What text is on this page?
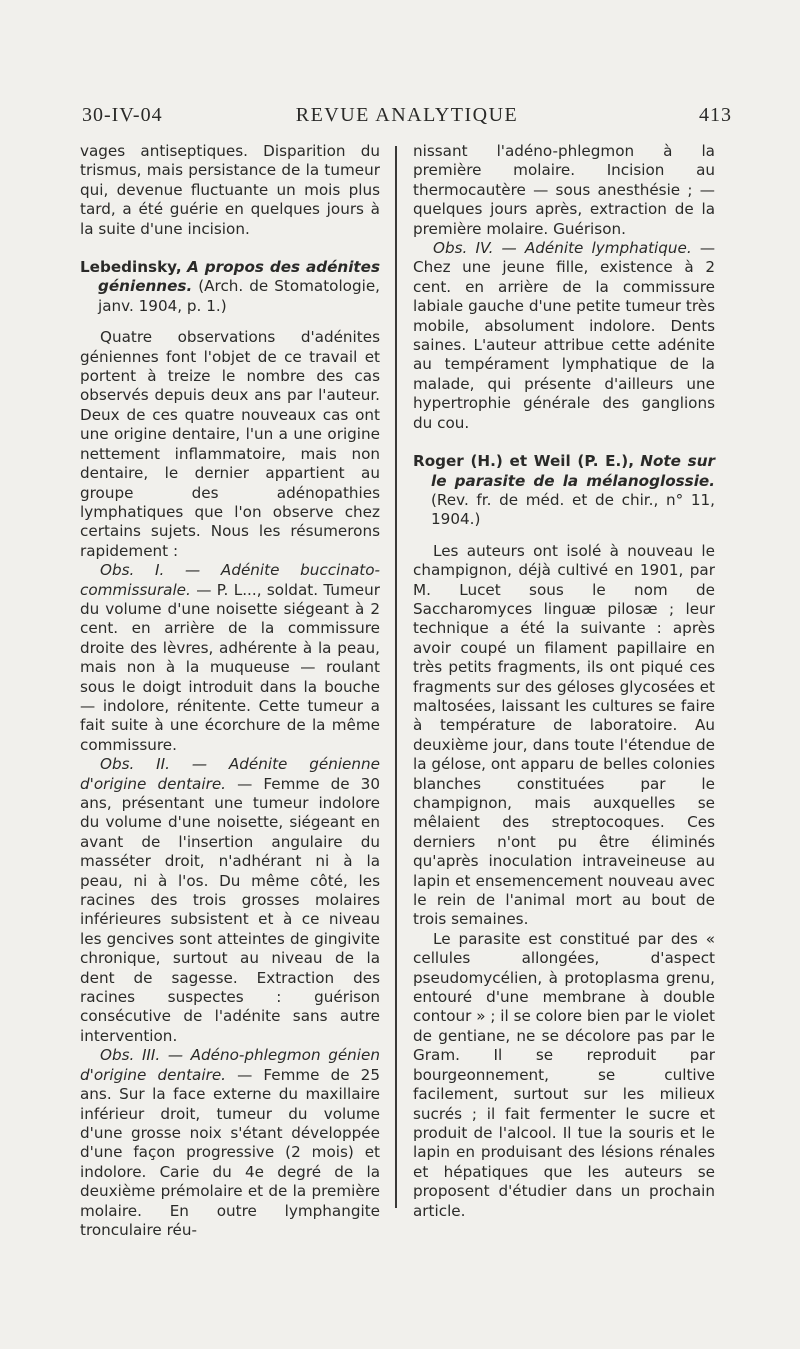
30-IV-04	REVUE ANALYTIQUE	413

vages antiseptiques. Disparition du trismus, mais persistance de la tumeur qui, devenue fluctuante un mois plus tard, a été guérie en quelques jours à la suite d'une incision.

Lebedinsky, A propos des adénites géniennes. (Arch. de Stomatologie, janv. 1904, p. 1.)

Quatre observations d'adénites géniennes font l'objet de ce travail et portent à treize le nombre des cas observés depuis deux ans par l'auteur. Deux de ces quatre nouveaux cas ont une origine dentaire, l'un a une origine nettement inflammatoire, mais non dentaire, le dernier appartient au groupe des adénopathies lymphatiques que l'on observe chez certains sujets. Nous les résumerons rapidement :

Obs. I. — Adénite buccinato-commissurale. — P. L..., soldat. Tumeur du volume d'une noisette siégeant à 2 cent. en arrière de la commissure droite des lèvres, adhérente à la peau, mais non à la muqueuse — roulant sous le doigt introduit dans la bouche — indolore, rénitente. Cette tumeur a fait suite à une écorchure de la même commissure.

Obs. II. — Adénite génienne d'origine dentaire. — Femme de 30 ans, présentant une tumeur indolore du volume d'une noisette, siégeant en avant de l'insertion angulaire du masséter droit, n'adhérant ni à la peau, ni à l'os. Du même côté, les racines des trois grosses molaires inférieures subsistent et à ce niveau les gencives sont atteintes de gingivite chronique, surtout au niveau de la dent de sagesse. Extraction des racines suspectes : guérison consécutive de l'adénite sans autre intervention.

Obs. III. — Adéno-phlegmon génien d'origine dentaire. — Femme de 25 ans. Sur la face externe du maxillaire inférieur droit, tumeur du volume d'une grosse noix s'étant développée d'une façon progressive (2 mois) et indolore. Carie du 4e degré de la deuxième prémolaire et de la première molaire. En outre lymphangite tronculaire réu-

nissant l'adéno-phlegmon à la première molaire. Incision au thermocautère — sous anesthésie ; — quelques jours après, extraction de la première molaire. Guérison.

Obs. IV. — Adénite lymphatique. — Chez une jeune fille, existence à 2 cent. en arrière de la commissure labiale gauche d'une petite tumeur très mobile, absolument indolore. Dents saines. L'auteur attribue cette adénite au tempérament lymphatique de la malade, qui présente d'ailleurs une hypertrophie générale des ganglions du cou.

Roger (H.) et Weil (P. E.), Note sur le parasite de la mélanoglossie. (Rev. fr. de méd. et de chir., n° 11, 1904.)

Les auteurs ont isolé à nouveau le champignon, déjà cultivé en 1901, par M. Lucet sous le nom de Saccharomyces linguæ pilosæ ; leur technique a été la suivante : après avoir coupé un filament papillaire en très petits fragments, ils ont piqué ces fragments sur des géloses glycosées et maltosées, laissant les cultures se faire à température de laboratoire. Au deuxième jour, dans toute l'étendue de la gélose, ont apparu de belles colonies blanches constituées par le champignon, mais auxquelles se mêlaient des streptocoques. Ces derniers n'ont pu être éliminés qu'après inoculation intraveineuse au lapin et ensemencement nouveau avec le rein de l'animal mort au bout de trois semaines.

Le parasite est constitué par des « cellules allongées, d'aspect pseudomycélien, à protoplasma grenu, entouré d'une membrane à double contour » ; il se colore bien par le violet de gentiane, ne se décolore pas par le Gram. Il se reproduit par bourgeonnement, se cultive facilement, surtout sur les milieux sucrés ; il fait fermenter le sucre et produit de l'alcool. Il tue la souris et le lapin en produisant des lésions rénales et hépatiques que les auteurs se proposent d'étudier dans un prochain article.
